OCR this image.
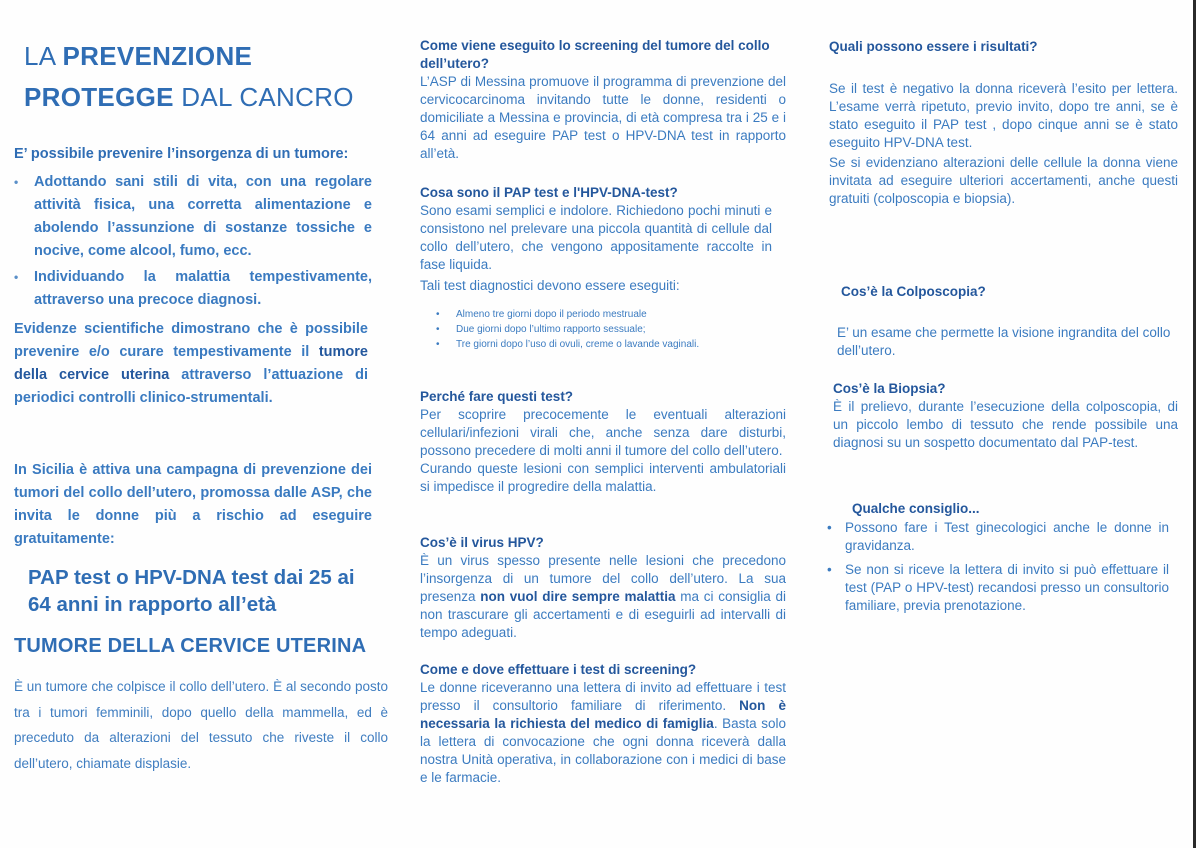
LA PREVENZIONE
PROTEGGE DAL CANCRO

E’ possibile prevenire l’insorgenza di un tumore:

• Adottando sani stili di vita, con una regolare attività fisica, una corretta alimentazione e abolendo l’assunzione di sostanze tossiche e nocive, come alcool, fumo, ecc.
• Individuando la malattia tempestivamente, attraverso una precoce diagnosi.

Evidenze scientifiche dimostrano che è possibile prevenire e/o curare tempestivamente il tumore della cervice uterina attraverso l’attuazione di periodici controlli clinico-strumentali.

In Sicilia è attiva una campagna di prevenzione dei tumori del collo dell’utero, promossa dalle ASP, che invita le donne più a rischio ad eseguire gratuitamente:

PAP test o HPV-DNA test dai 25 ai 64 anni in rapporto all’età

TUMORE DELLA CERVICE UTERINA

È un tumore che colpisce il collo dell’utero. È al secondo posto tra i tumori femminili, dopo quello della mammella, ed è preceduto da alterazioni del tessuto che riveste il collo dell’utero, chiamate displasie.

Come viene eseguito lo screening del tumore del collo dell’utero?

L’ASP di Messina promuove il programma di prevenzione del cervicocarcinoma invitando tutte le donne, residenti o domiciliate a Messina e provincia, di età compresa tra i 25 e i 64 anni ad eseguire PAP test o HPV-DNA test in rapporto all’età.

Cosa sono il PAP test e l'HPV-DNA-test?

Sono esami semplici e indolore. Richiedono pochi minuti e consistono nel prelevare una piccola quantità di cellule dal collo dell’utero, che vengono appositamente raccolte in fase liquida.

Tali test diagnostici devono essere eseguiti:

• Almeno tre giorni dopo il periodo mestruale
• Due giorni dopo l’ultimo rapporto sessuale;
• Tre giorni dopo l’uso di ovuli, creme o lavande vaginali.

Perché fare questi test?

Per scoprire precocemente le eventuali alterazioni cellulari/infezioni virali che, anche senza dare disturbi, possono precedere di molti anni il tumore del collo dell’utero.

Curando queste lesioni con semplici interventi ambulatoriali si impedisce il progredire della malattia.

Cos’è il virus HPV?

È un virus spesso presente nelle lesioni che precedono l’insorgenza di un tumore del collo dell’utero. La sua presenza non vuol dire sempre malattia ma ci consiglia di non trascurare gli accertamenti e di eseguirli ad intervalli di tempo adeguati.

Come e dove effettuare i test di screening?

Le donne riceveranno una lettera di invito ad effettuare i test presso il consultorio familiare di riferimento. Non è necessaria la richiesta del medico di famiglia. Basta solo la lettera di convocazione che ogni donna riceverà dalla nostra Unità operativa, in collaborazione con i medici di base e le farmacie.

Quali possono essere i risultati?

Se il test è negativo la donna riceverà l’esito per lettera. L’esame verrà ripetuto, previo invito, dopo tre anni, se è stato eseguito il PAP test , dopo cinque anni se è stato eseguito HPV-DNA test.

Se si evidenziano alterazioni delle cellule la donna viene invitata ad eseguire ulteriori accertamenti, anche questi gratuiti (colposcopia e biopsia).

Cos’è la Colposcopia?

E’ un esame che permette la visione ingrandita del collo dell’utero.

Cos’è la Biopsia?

È il prelievo, durante l’esecuzione della colposcopia, di un piccolo lembo di tessuto che rende possibile una diagnosi su un sospetto documentato dal PAP-test.

Qualche consiglio...

• Possono fare i Test ginecologici anche le donne in gravidanza.
• Se non si riceve la lettera di invito si può effettuare il test (PAP o HPV-test) recandosi presso un consultorio familiare, previa prenotazione.
